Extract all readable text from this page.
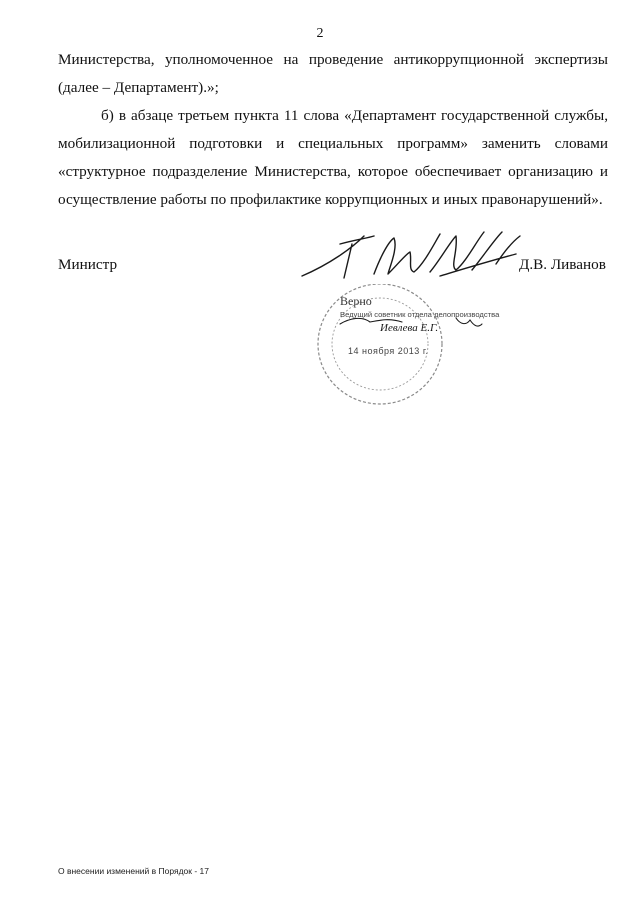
2
Министерства, уполномоченное на проведение антикоррупционной экспертизы
(далее – Департамент).»;
б) в абзаце третьем пункта 11 слова «Департамент государственной службы,
мобилизационной подготовки и специальных программ» заменить словами
«структурное подразделение Министерства, которое обеспечивает организацию и
осуществление работы по профилактике коррупционных и иных правонарушений».
Министр	Д.В. Ливанов
Верно
Ведущий советник отдела делопроизводства
Иевлева Е.Г.
14 ноября 2013 г.
О внесении изменений в Порядок - 17
